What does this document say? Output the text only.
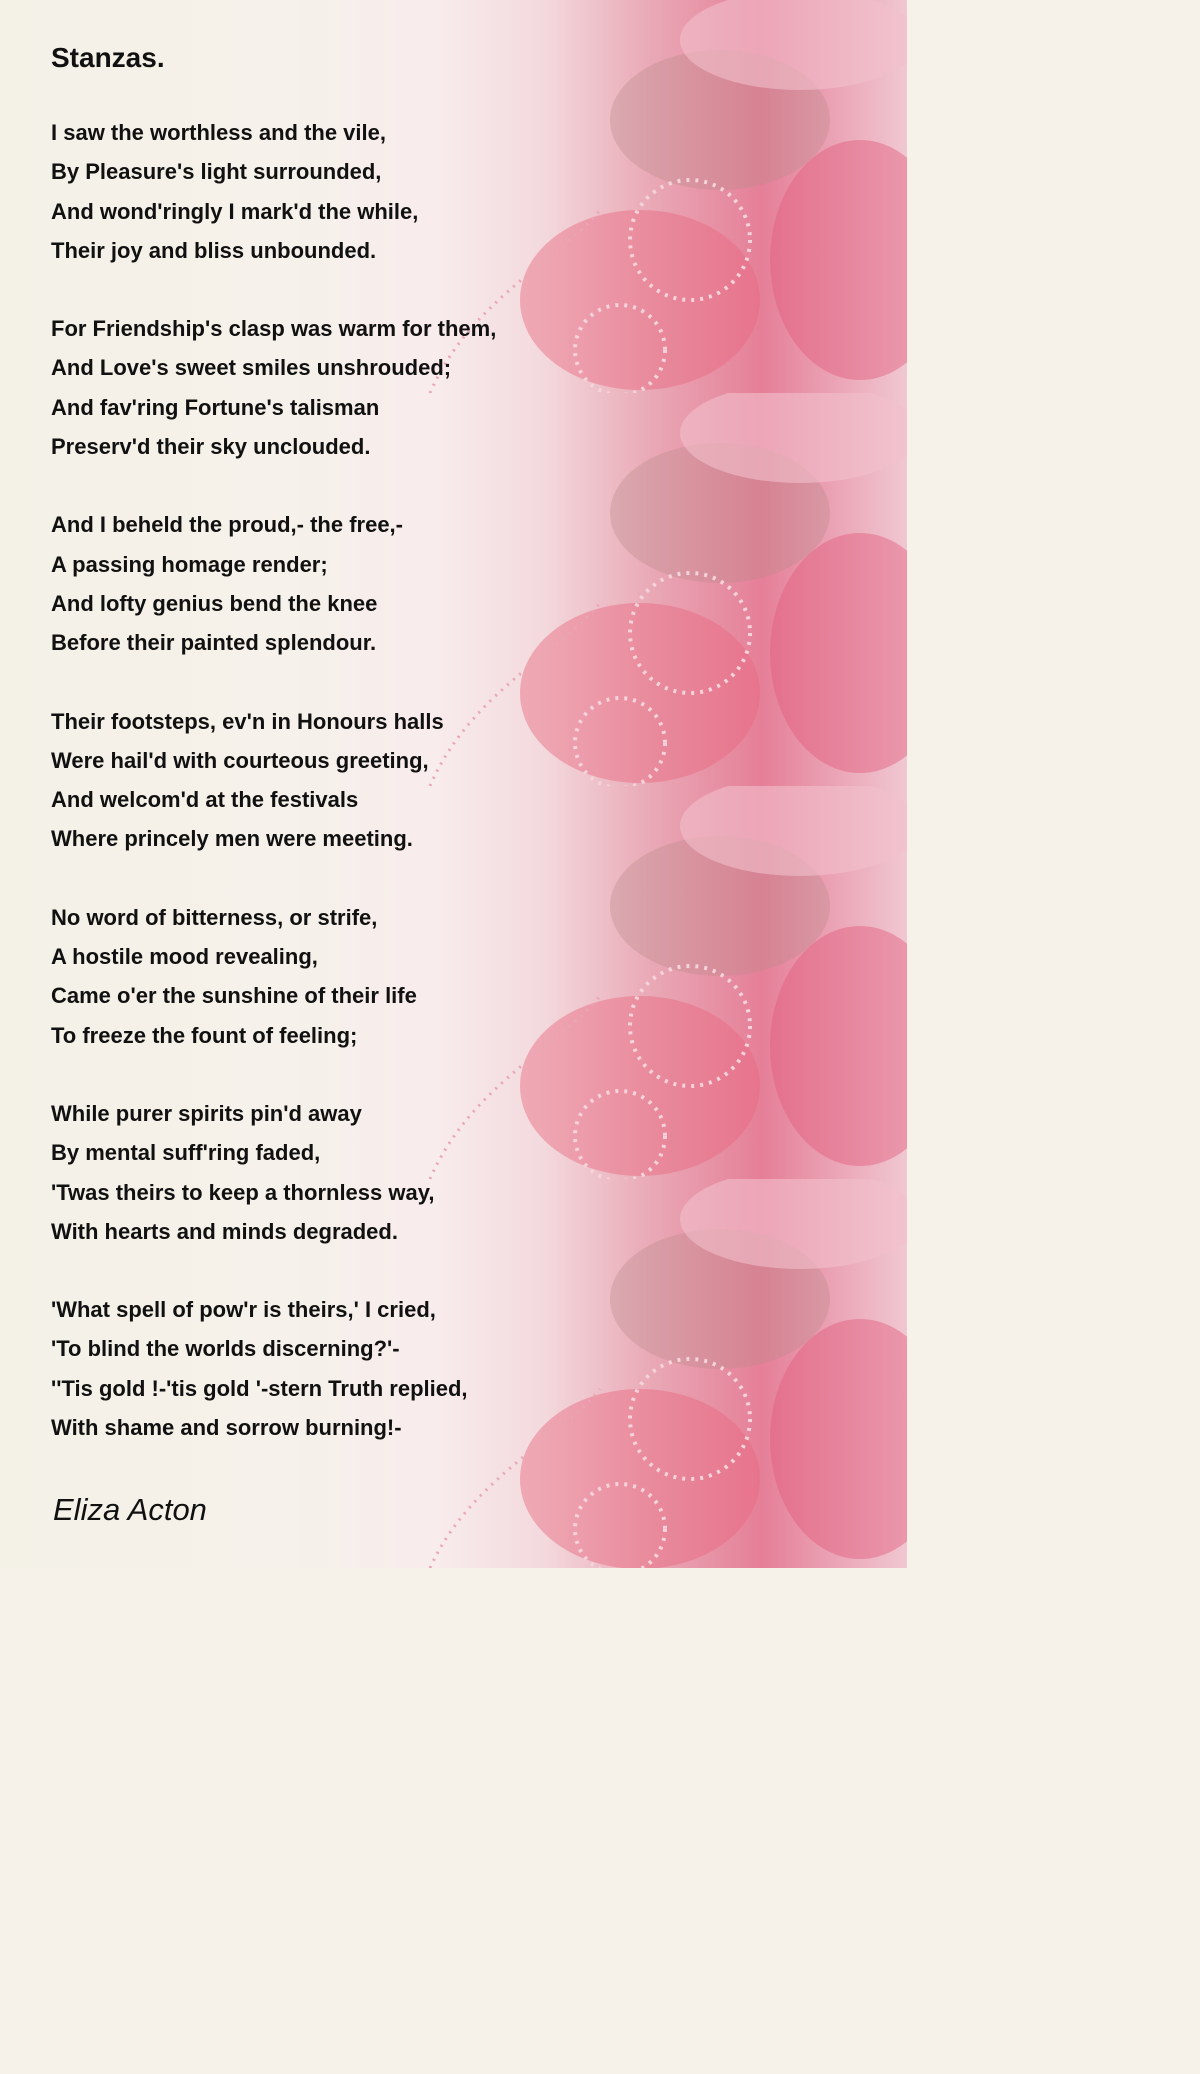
Stanzas.
I saw the worthless and the vile,
By Pleasure's light surrounded,
And wond'ringly I mark'd the while,
Their joy and bliss unbounded.
For Friendship's clasp was warm for them,
And Love's sweet smiles unshrouded;
And fav'ring Fortune's talisman
Preserv'd their sky unclouded.
And I beheld the proud,- the free,-
A passing homage render;
And lofty genius bend the knee
Before their painted splendour.
Their footsteps, ev'n in Honours halls
Were hail'd with courteous greeting,
And welcom'd at the festivals
Where princely men were meeting.
No word of bitterness, or strife,
A hostile mood revealing,
Came o'er the sunshine of their life
To freeze the fount of feeling;
While purer spirits pin'd away
By mental suff'ring faded,
'Twas theirs to keep a thornless way,
With hearts and minds degraded.
'What spell of pow'r is theirs,' I cried,
'To blind the worlds discerning?'-
''Tis gold !-'tis gold '-stern Truth replied,
With shame and sorrow burning!-
Eliza Acton
